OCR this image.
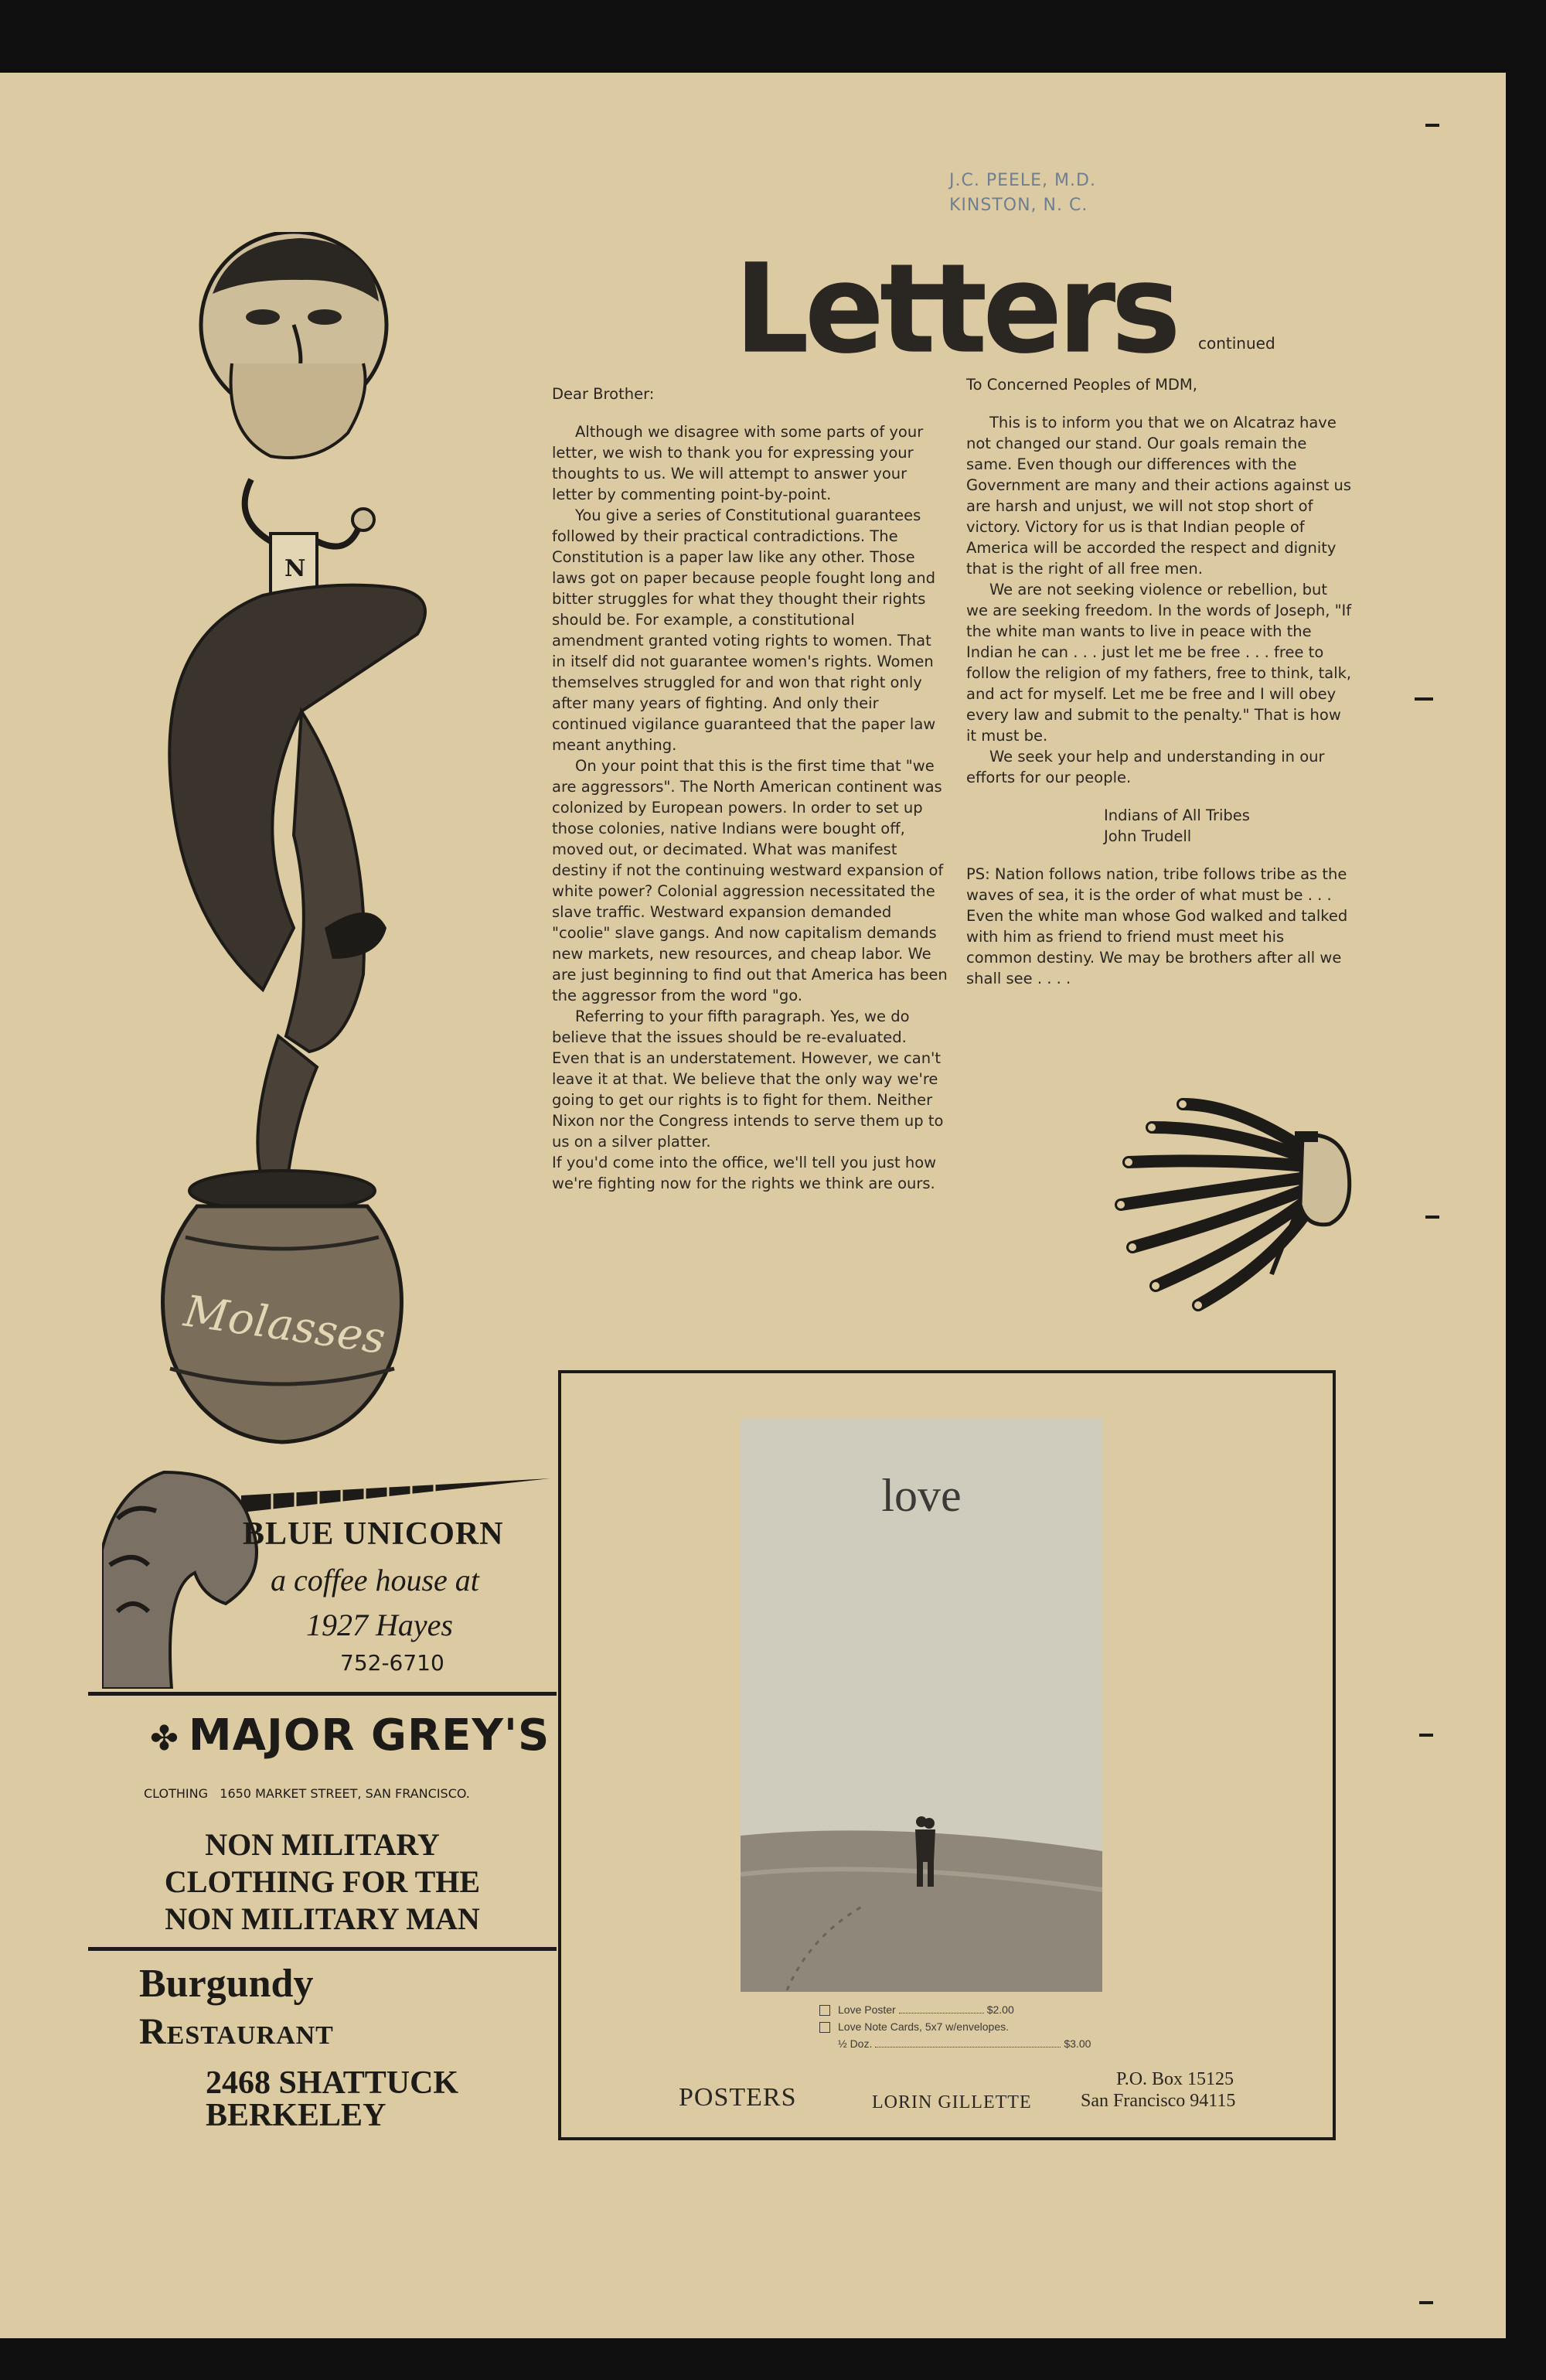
J.C. PEELE, M.D.
KINSTON, N. C.
Letters continued
N
Molasses

Dear Brother:

Although we disagree with some parts of your letter, we wish to thank you for expressing your thoughts to us. We will attempt to answer your letter by commenting point-by-point.

You give a series of Constitutional guarantees followed by their practical contradictions. The Constitution is a paper law like any other. Those laws got on paper because people fought long and bitter struggles for what they thought their rights should be. For example, a constitutional amendment granted voting rights to women. That in itself did not guarantee women's rights. Women themselves struggled for and won that right only after many years of fighting. And only their continued vigilance guaranteed that the paper law meant anything.

On your point that this is the first time that "we are aggressors". The North American continent was colonized by European powers. In order to set up those colonies, native Indians were bought off, moved out, or decimated. What was manifest destiny if not the continuing westward expansion of white power? Colonial aggression necessitated the slave traffic. Westward expansion demanded "coolie" slave gangs. And now capitalism demands new markets, new resources, and cheap labor. We are just beginning to find out that America has been the aggressor from the word "go.

Referring to your fifth paragraph. Yes, we do believe that the issues should be re-evaluated. Even that is an understatement. However, we can't leave it at that. We believe that the only way we're going to get our rights is to fight for them. Neither Nixon nor the Congress intends to serve them up to us on a silver platter.

If you'd come into the office, we'll tell you just how we're fighting now for the rights we think are ours.

To Concerned Peoples of MDM,

This is to inform you that we on Alcatraz have not changed our stand. Our goals remain the same. Even though our differences with the Government are many and their actions against us are harsh and unjust, we will not stop short of victory. Victory for us is that Indian people of America will be accorded the respect and dignity that is the right of all free men.

We are not seeking violence or rebellion, but we are seeking freedom. In the words of Joseph, "If the white man wants to live in peace with the Indian he can . . . just let me be free . . . free to follow the religion of my fathers, free to think, talk, and act for myself. Let me be free and I will obey every law and submit to the penalty." That is how it must be.

We seek your help and understanding in our efforts for our people.

Indians of All Tribes

John Trudell

PS: Nation follows nation, tribe follows tribe as the waves of sea, it is the order of what must be . . . Even the white man whose God walked and talked with him as friend to friend must meet his common destiny. We may be brothers after all we shall see . . . .

BLUE UNICORN
a coffee house at
1927 Hayes
752-6710
✤ MAJOR GREY'S
CLOTHING   1650 MARKET STREET, SAN FRANCISCO.
NON MILITARY
CLOTHING FOR THE
NON MILITARY MAN
Burgundy
Restaurant
2468 SHATTUCK
BERKELEY
love
Love Poster	$2.00
Love Note Cards, 5x7 w/envelopes.
½ Doz.	$3.00
POSTERS	LORIN GILLETTE
P.O. Box 15125
San Francisco 94115
